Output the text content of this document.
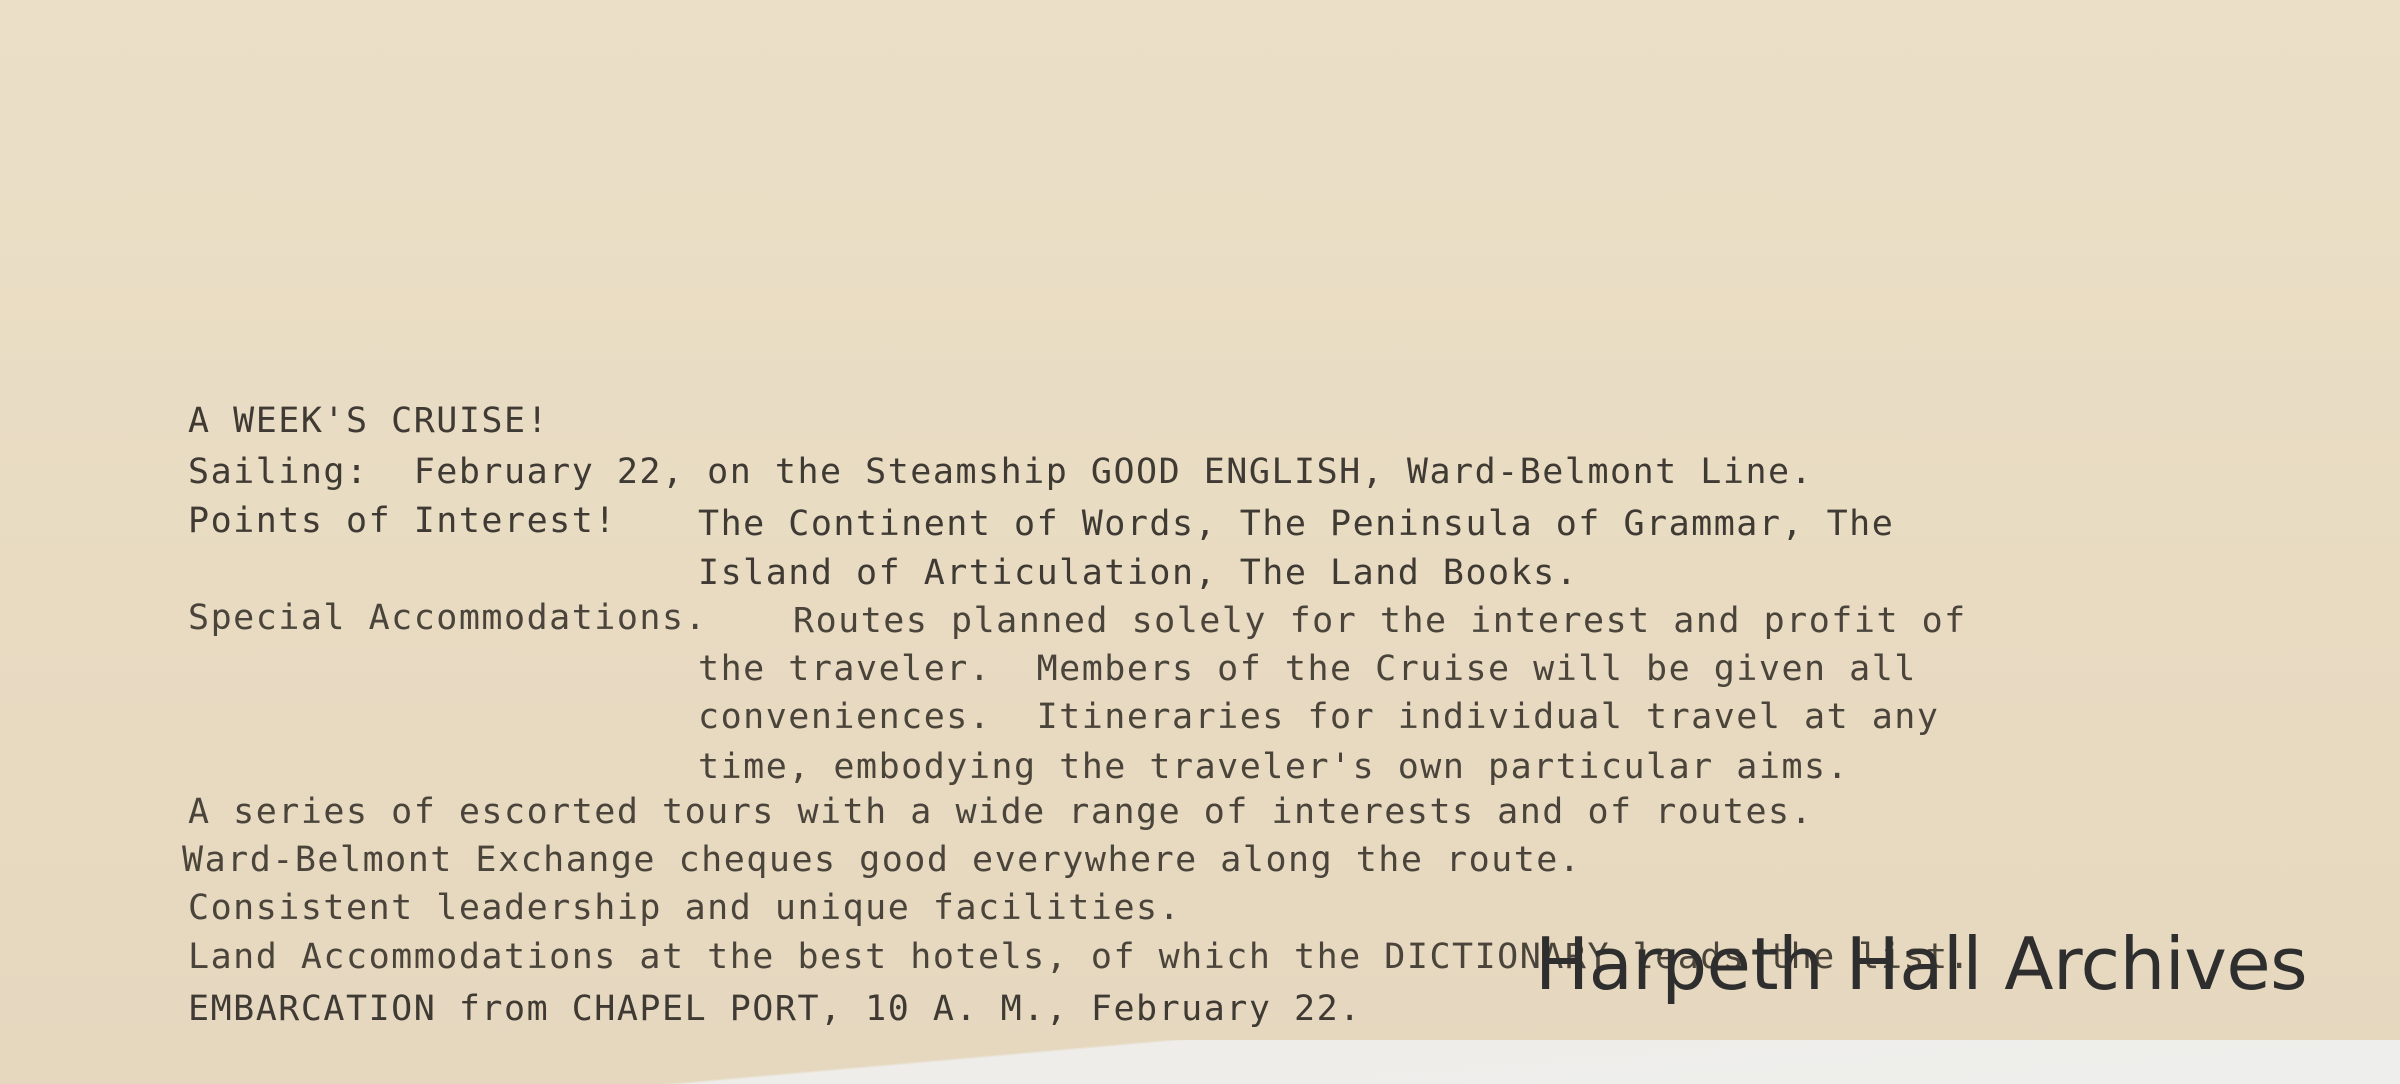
A WEEK'S CRUISE!
Sailing:  February 22, on the Steamship GOOD ENGLISH, Ward-Belmont Line.
Points of Interest! The Continent of Words, The Peninsula of Grammar, The
Island of Articulation, The Land Books.
Special Accommodations. Routes planned solely for the interest and profit of
the traveler.  Members of the Cruise will be given all
conveniences.  Itineraries for individual travel at any
time, embodying the traveler's own particular aims.
A series of escorted tours with a wide range of interests and of routes.
Ward-Belmont Exchange cheques good everywhere along the route.
Consistent leadership and unique facilities.
Land Accommodations at the best hotels, of which the DICTIONARY leads the list.
EMBARCATION from CHAPEL PORT, 10 A. M., February 22.
Harpeth Hall Archives
